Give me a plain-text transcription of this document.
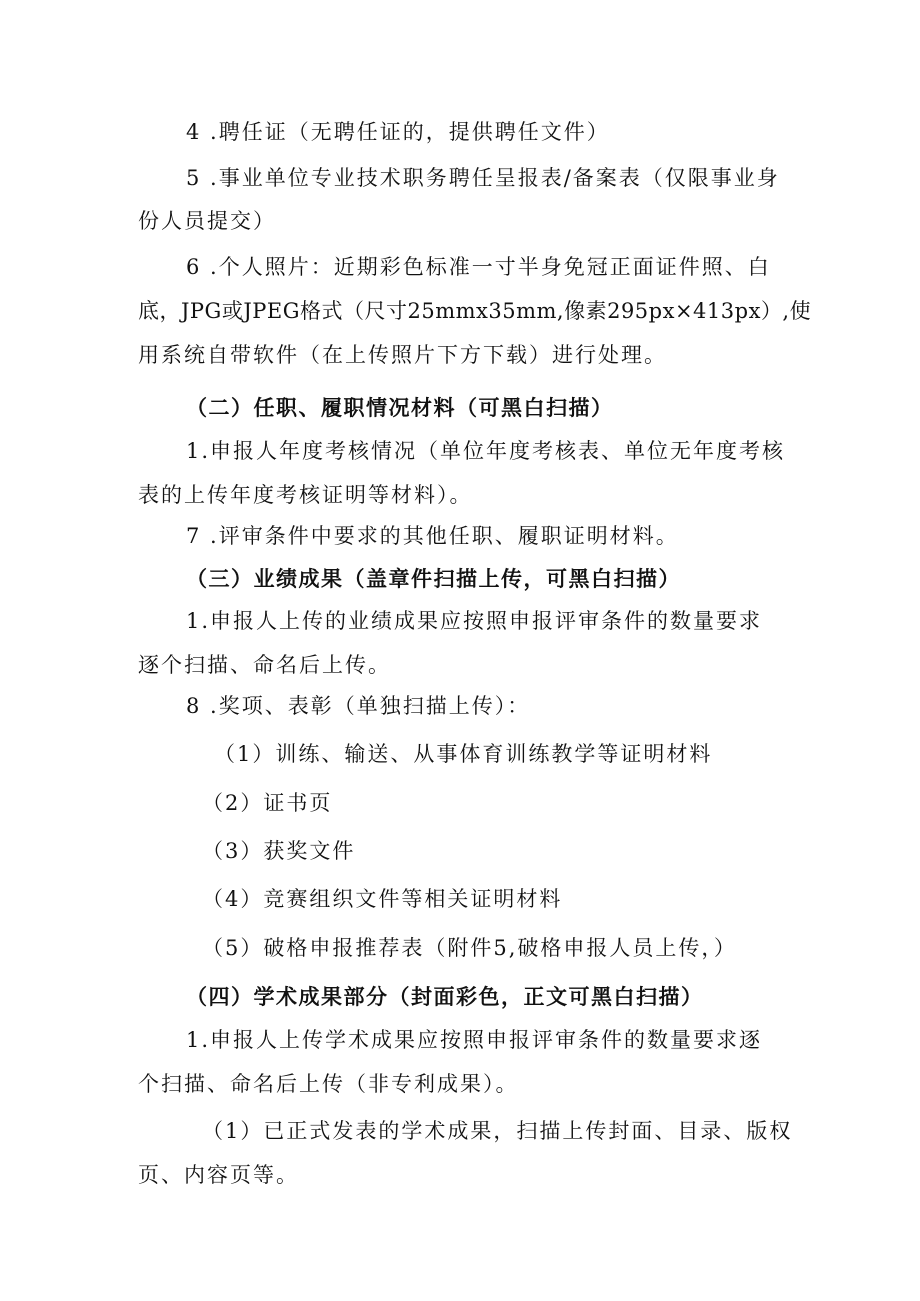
4 .聘任证（无聘任证的，提供聘任文件）
5 .事业单位专业技术职务聘任呈报表/备案表（仅限事业身
份人员提交）
6 .个人照片：近期彩色标准一寸半身免冠正面证件照、白
底，JPG或JPEG格式（尺寸25mmx35mm,像素295px×413px）,使
用系统自带软件（在上传照片下方下载）进行处理。
（二）任职、履职情况材料（可黑白扫描）
1.申报人年度考核情况（单位年度考核表、单位无年度考核
表的上传年度考核证明等材料）。
7 .评审条件中要求的其他任职、履职证明材料。
（三）业绩成果（盖章件扫描上传，可黑白扫描）
1.申报人上传的业绩成果应按照申报评审条件的数量要求
逐个扫描、命名后上传。
8 .奖项、表彰（单独扫描上传）：
（1）训练、输送、从事体育训练教学等证明材料
（2）证书页
（3）获奖文件
（4）竞赛组织文件等相关证明材料
（5）破格申报推荐表（附件5,破格申报人员上传，）
（四）学术成果部分（封面彩色，正文可黑白扫描）
1.申报人上传学术成果应按照申报评审条件的数量要求逐
个扫描、命名后上传（非专利成果）。
（1）已正式发表的学术成果，扫描上传封面、目录、版权
页、内容页等。
